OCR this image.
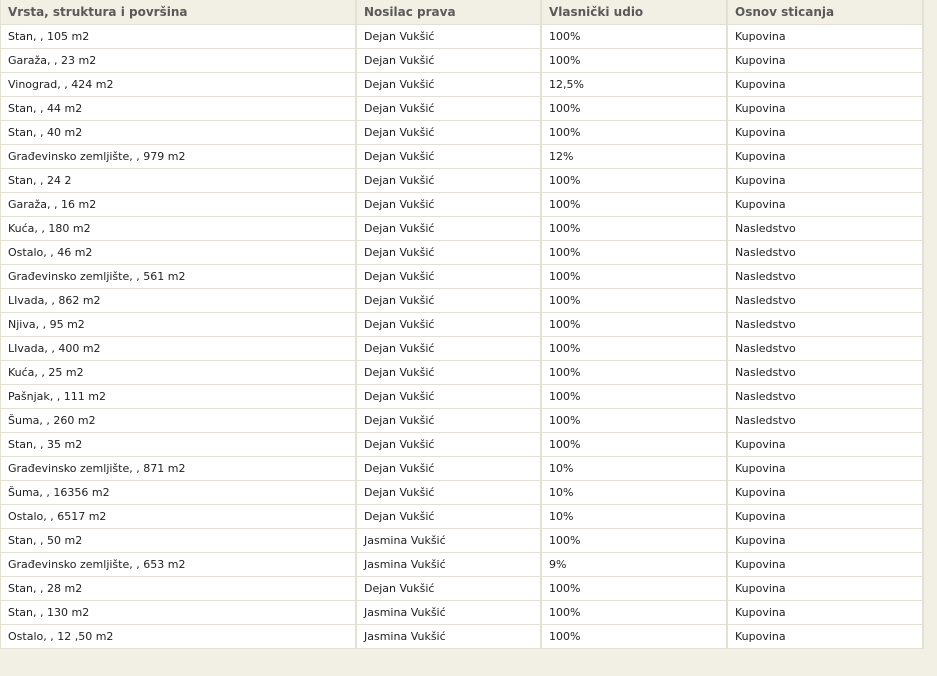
Vrsta, struktura i površina	Nosilac prava	Vlasnički udio	Osnov sticanja
Stan, , 105 m2	Dejan Vukšić	100%	Kupovina
Garaža, , 23 m2	Dejan Vukšić	100%	Kupovina
Vinograd, , 424 m2	Dejan Vukšić	12,5%	Kupovina
Stan, , 44 m2	Dejan Vukšić	100%	Kupovina
Stan, , 40 m2	Dejan Vukšić	100%	Kupovina
Građevinsko zemljište, , 979 m2	Dejan Vukšić	12%	Kupovina
Stan, , 24 2	Dejan Vukšić	100%	Kupovina
Garaža, , 16 m2	Dejan Vukšić	100%	Kupovina
Kuća, , 180 m2	Dejan Vukšić	100%	Nasledstvo
Ostalo, , 46 m2	Dejan Vukšić	100%	Nasledstvo
Građevinsko zemljište, , 561 m2	Dejan Vukšić	100%	Nasledstvo
LIvada, , 862 m2	Dejan Vukšić	100%	Nasledstvo
Njiva, , 95 m2	Dejan Vukšić	100%	Nasledstvo
LIvada, , 400 m2	Dejan Vukšić	100%	Nasledstvo
Kuća, , 25 m2	Dejan Vukšić	100%	Nasledstvo
Pašnjak, , 111 m2	Dejan Vukšić	100%	Nasledstvo
Šuma, , 260 m2	Dejan Vukšić	100%	Nasledstvo
Stan, , 35 m2	Dejan Vukšić	100%	Kupovina
Građevinsko zemljište, , 871 m2	Dejan Vukšić	10%	Kupovina
Šuma, , 16356 m2	Dejan Vukšić	10%	Kupovina
Ostalo, , 6517 m2	Dejan Vukšić	10%	Kupovina
Stan, , 50 m2	Jasmina Vukšić	100%	Kupovina
Građevinsko zemljište, , 653 m2	Jasmina Vukšić	9%	Kupovina
Stan, , 28 m2	Dejan Vukšić	100%	Kupovina
Stan, , 130 m2	Jasmina Vukšić	100%	Kupovina
Ostalo, , 12 ,50 m2	Jasmina Vukšić	100%	Kupovina
